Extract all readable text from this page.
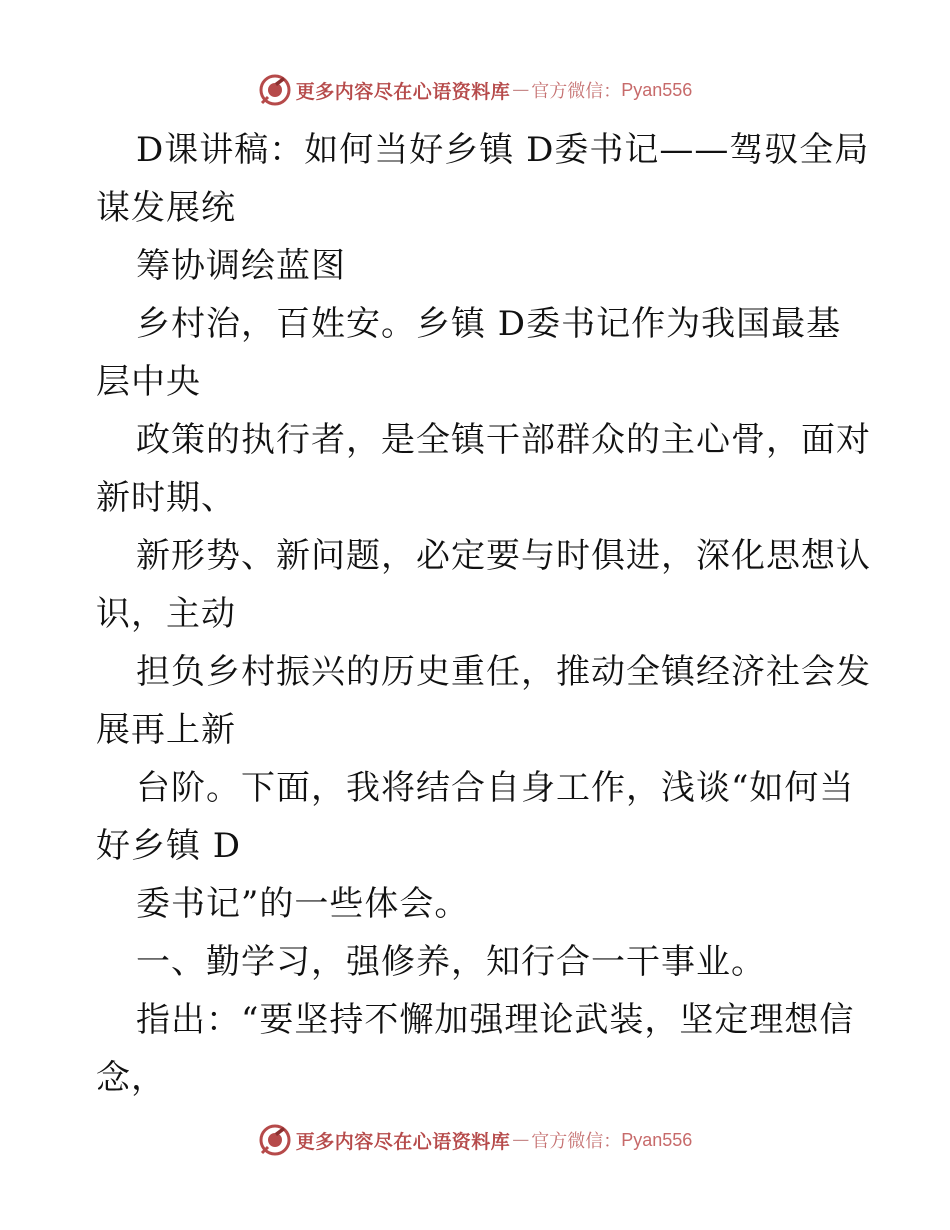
更多内容尽在心语资料库 — 官方微信： Pyan556
D课讲稿：如何当好乡镇 D委书记——驾驭全局
谋发展统
筹协调绘蓝图
乡村治，百姓安。乡镇 D委书记作为我国最基
层中央
政策的执行者，是全镇干部群众的主心骨，面对
新时期、
新形势、新问题，必定要与时俱进，深化思想认
识，主动
担负乡村振兴的历史重任，推动全镇经济社会发
展再上新
台阶。下面，我将结合自身工作，浅谈“如何当
好乡镇 D
委书记”的一些体会。
一、勤学习，强修养，知行合一干事业。
指出：“要坚持不懈加强理论武装，坚定理想信
念，
更多内容尽在心语资料库 — 官方微信： Pyan556
